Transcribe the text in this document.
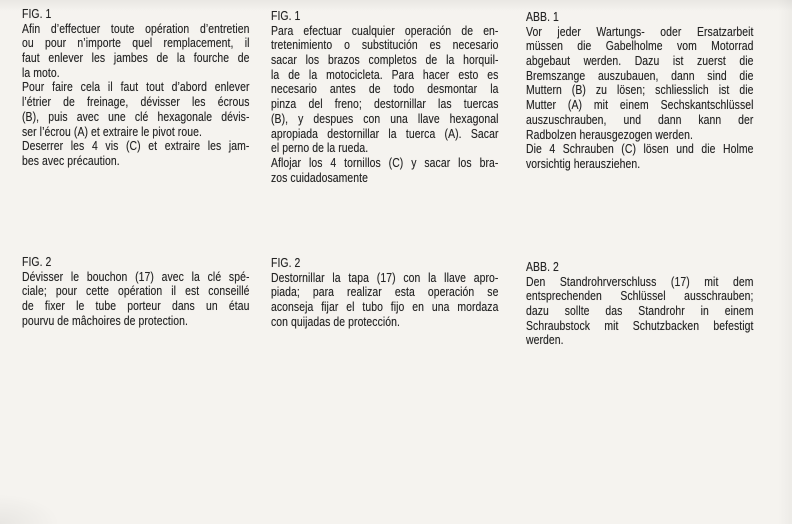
FIG. 1
Afin d’effectuer toute opération d’entretien
ou pour n’importe quel remplacement, il
faut enlever les jambes de la fourche de
la moto.
Pour faire cela il faut tout d’abord enlever
l’étrier de freinage, dévisser les écrous
(B), puis avec une clé hexagonale dévis-
ser l’écrou (A) et extraire le pivot roue.
Deserrer les 4 vis (C) et extraire les jam-
bes avec précaution.
FIG. 1
Para efectuar cualquier operación de en-
tretenimiento o substitución es necesario
sacar los brazos completos de la horquil-
la de la motocicleta. Para hacer esto es
necesario antes de todo desmontar la
pinza del freno; destornillar las tuercas
(B), y despues con una llave hexagonal
apropiada destornillar la tuerca (A). Sacar
el perno de la rueda.
Aflojar los 4 tornillos (C) y sacar los bra-
zos cuidadosamente
ABB. 1
Vor jeder Wartungs- oder Ersatzarbeit
müssen die Gabelholme vom Motorrad
abgebaut werden. Dazu ist zuerst die
Bremszange auszubauen, dann sind die
Muttern (B) zu lösen; schliesslich ist die
Mutter (A) mit einem Sechskantschlüssel
auszuschrauben, und dann kann der
Radbolzen herausgezogen werden.
Die 4 Schrauben (C) lösen und die Holme
vorsichtig herausziehen.
FIG. 2
Dévisser le bouchon (17) avec la clé spé-
ciale; pour cette opération il est conseillé
de fixer le tube porteur dans un étau
pourvu de mâchoires de protection.
FIG. 2
Destornillar la tapa (17) con la llave apro-
piada; para realizar esta operación se
aconseja fijar el tubo fijo en una mordaza
con quijadas de protección.
ABB. 2
Den Standrohrverschluss (17) mit dem
entsprechenden Schlüssel ausschrauben;
dazu sollte das Standrohr in einem
Schraubstock mit Schutzbacken befestigt
werden.
